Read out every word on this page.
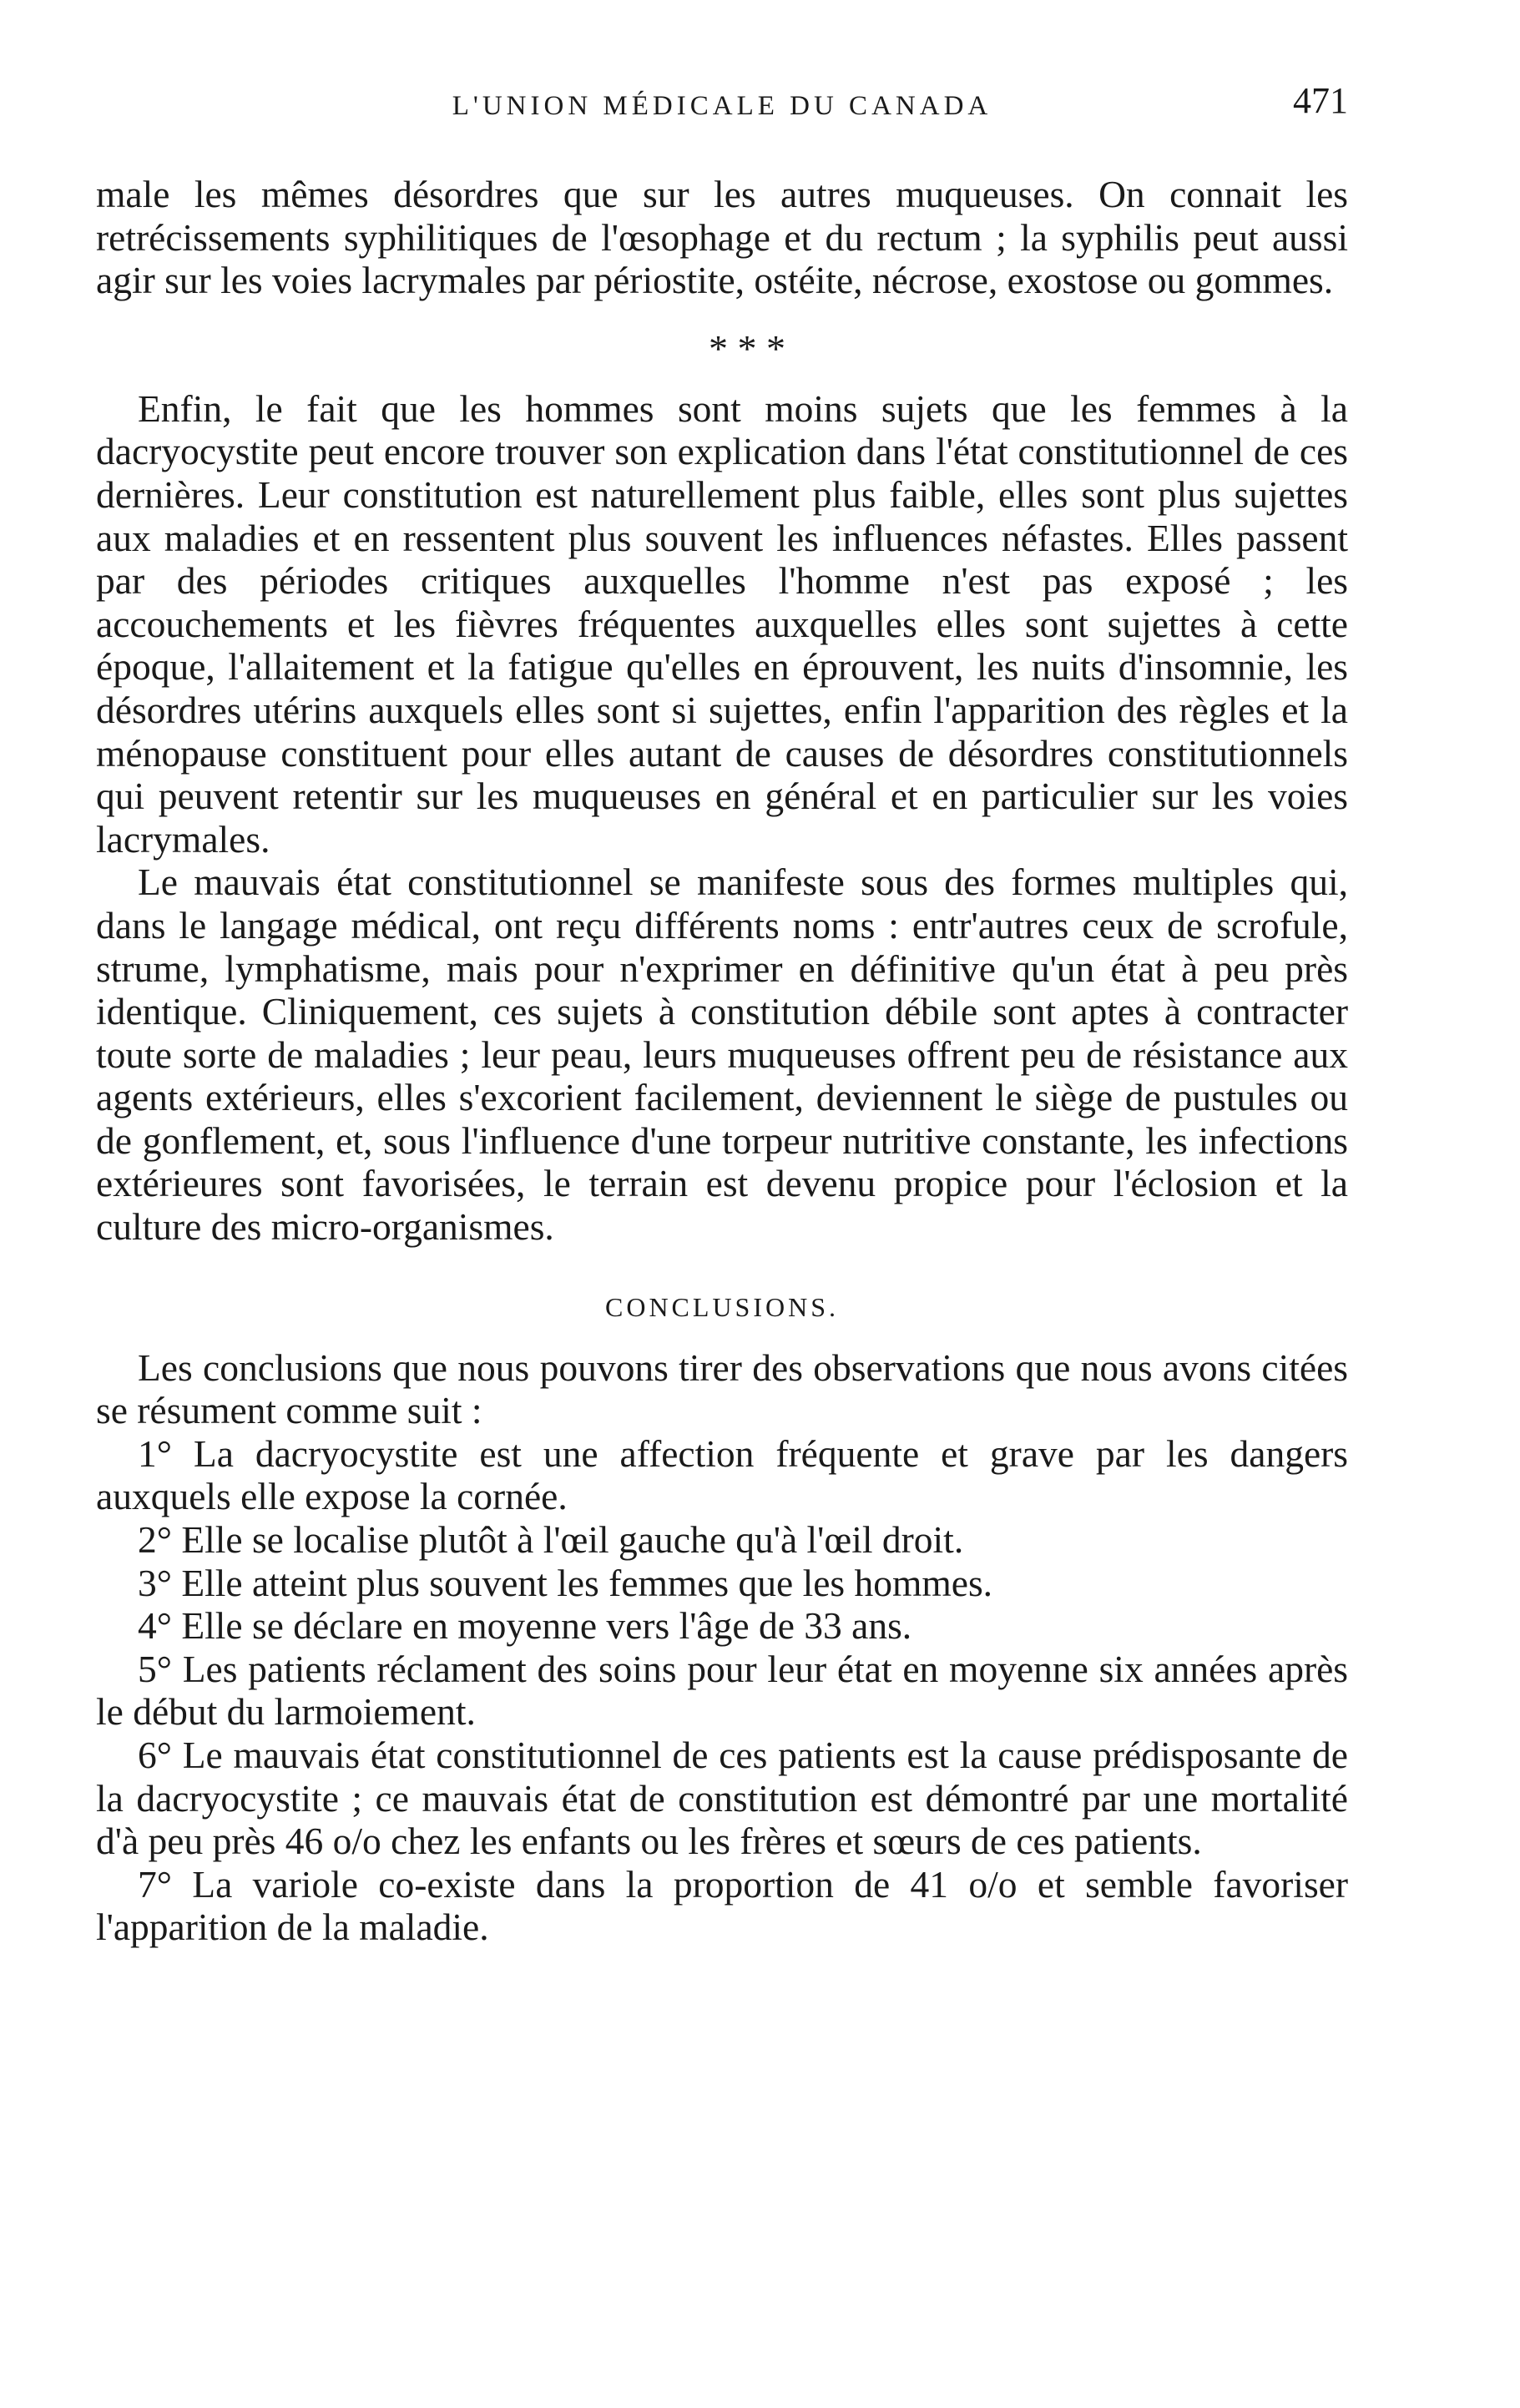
L'UNION MÉDICALE DU CANADA	471

male les mêmes désordres que sur les autres muqueuses. On connait les retrécissements syphilitiques de l'œsophage et du rectum ; la syphilis peut aussi agir sur les voies lacrymales par périostite, ostéite, nécrose, exostose ou gommes.

* * *

Enfin, le fait que les hommes sont moins sujets que les femmes à la dacryocystite peut encore trouver son explication dans l'état constitutionnel de ces dernières. Leur constitution est naturellement plus faible, elles sont plus sujettes aux maladies et en ressentent plus souvent les influences néfastes. Elles passent par des périodes critiques auxquelles l'homme n'est pas exposé ; les accouchements et les fièvres fréquentes auxquelles elles sont sujettes à cette époque, l'allaitement et la fatigue qu'elles en éprouvent, les nuits d'insomnie, les désordres utérins auxquels elles sont si sujettes, enfin l'apparition des règles et la ménopause constituent pour elles autant de causes de désordres constitutionnels qui peuvent retentir sur les muqueuses en général et en particulier sur les voies lacrymales.

Le mauvais état constitutionnel se manifeste sous des formes multiples qui, dans le langage médical, ont reçu différents noms : entr'autres ceux de scrofule, strume, lymphatisme, mais pour n'exprimer en définitive qu'un état à peu près identique. Cliniquement, ces sujets à constitution débile sont aptes à contracter toute sorte de maladies ; leur peau, leurs muqueuses offrent peu de résistance aux agents extérieurs, elles s'excorient facilement, deviennent le siège de pustules ou de gonflement, et, sous l'influence d'une torpeur nutritive constante, les infections extérieures sont favorisées, le terrain est devenu propice pour l'éclosion et la culture des micro-organismes.

CONCLUSIONS.

Les conclusions que nous pouvons tirer des observations que nous avons citées se résument comme suit :

1° La dacryocystite est une affection fréquente et grave par les dangers auxquels elle expose la cornée.

2° Elle se localise plutôt à l'œil gauche qu'à l'œil droit.

3° Elle atteint plus souvent les femmes que les hommes.

4° Elle se déclare en moyenne vers l'âge de 33 ans.

5° Les patients réclament des soins pour leur état en moyenne six années après le début du larmoiement.

6° Le mauvais état constitutionnel de ces patients est la cause prédisposante de la dacryocystite ; ce mauvais état de constitution est démontré par une mortalité d'à peu près 46 o/o chez les enfants ou les frères et sœurs de ces patients.

7° La variole co-existe dans la proportion de 41 o/o et semble favoriser l'apparition de la maladie.
